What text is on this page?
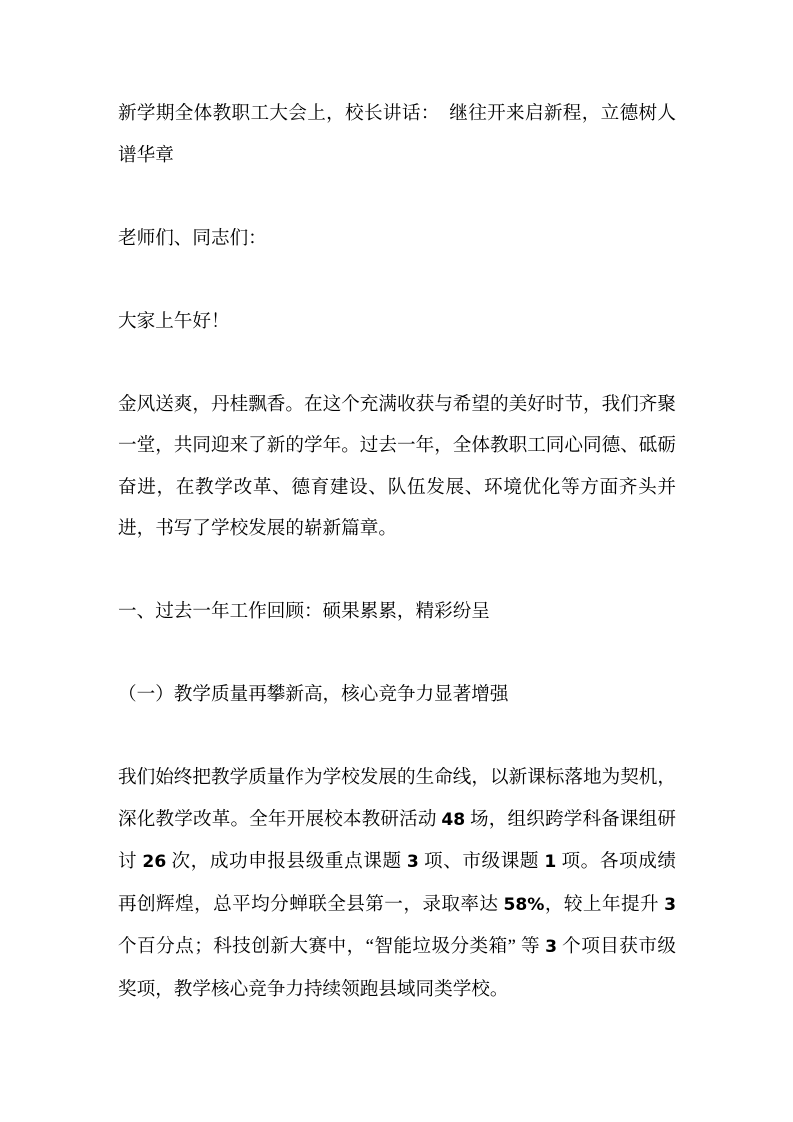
新学期全体教职工大会上，校长讲话：　继往开来启新程，立德树人谱华章

老师们、同志们：

大家上午好！

金风送爽，丹桂飘香。在这个充满收获与希望的美好时节，我们齐聚一堂，共同迎来了新的学年。过去一年，全体教职工同心同德、砥砺奋进，在教学改革、德育建设、队伍发展、环境优化等方面齐头并进，书写了学校发展的崭新篇章。

一、过去一年工作回顾：硕果累累，精彩纷呈

（一）教学质量再攀新高，核心竞争力显著增强

我们始终把教学质量作为学校发展的生命线，以新课标落地为契机，深化教学改革。全年开展校本教研活动 48 场，组织跨学科备课组研讨 26 次，成功申报县级重点课题 3 项、市级课题 1 项。各项成绩再创辉煌，总平均分蝉联全县第一，录取率达 58%，较上年提升 3 个百分点；科技创新大赛中，“智能垃圾分类箱” 等 3 个项目获市级奖项，教学核心竞争力持续领跑县域同类学校。
